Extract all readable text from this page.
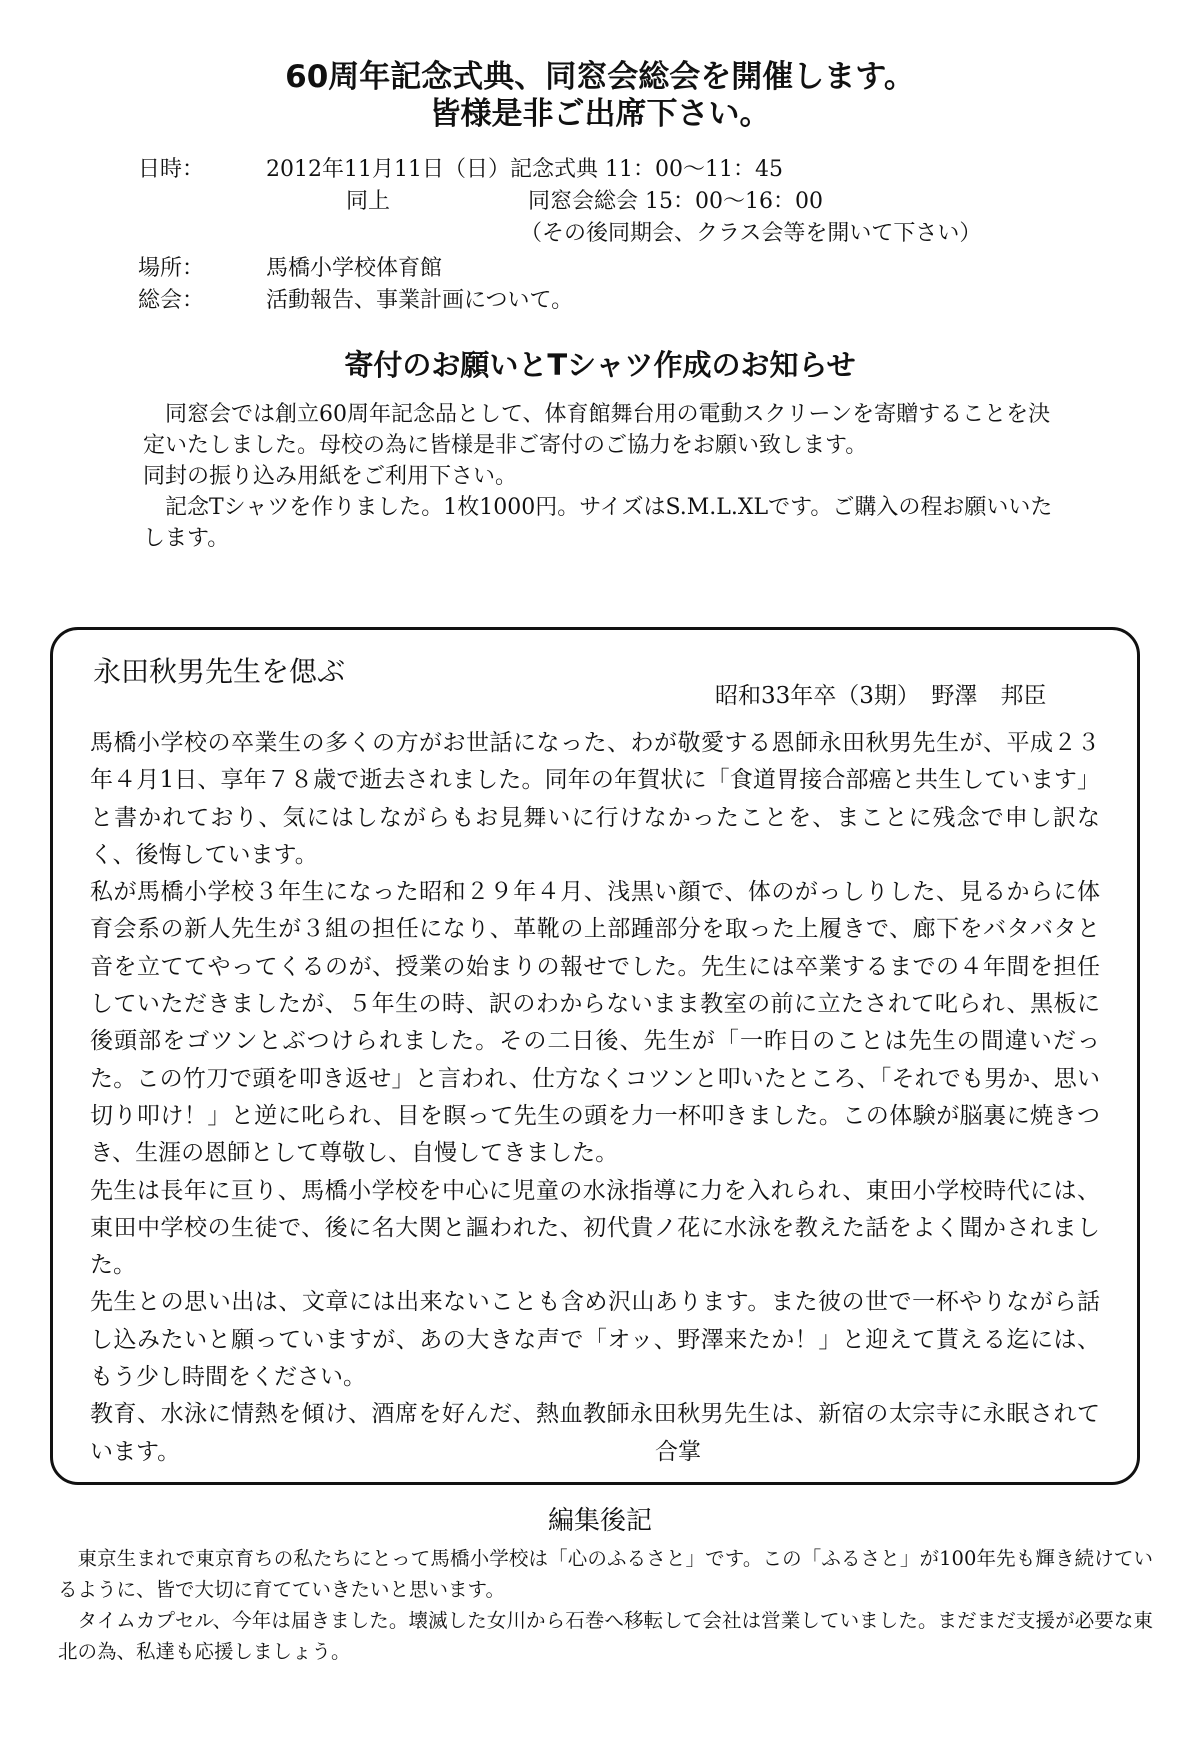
60周年記念式典、同窓会総会を開催します。
皆様是非ご出席下さい。
日時：	2012年11月11日（日）記念式典 11：00～11：45
同上	同窓会総会 15：00～16：00
（その後同期会、クラス会等を開いて下さい）
場所：	馬橋小学校体育館
総会：	活動報告、事業計画について。
寄付のお願いとTシャツ作成のお知らせ

同窓会では創立60周年記念品として、体育館舞台用の電動スクリーンを寄贈することを決定いたしました。母校の為に皆様是非ご寄付のご協力をお願い致します。

同封の振り込み用紙をご利用下さい。

記念Tシャツを作りました。1枚1000円。サイズはS.M.L.XLです。ご購入の程お願いいたします。

永田秋男先生を偲ぶ
昭和33年卒（3期）　野澤　邦臣

馬橋小学校の卒業生の多くの方がお世話になった、わが敬愛する恩師永田秋男先生が、平成２３年４月1日、享年７８歳で逝去されました。同年の年賀状に「食道胃接合部癌と共生しています」と書かれており、気にはしながらもお見舞いに行けなかったことを、まことに残念で申し訳なく、後悔しています。

私が馬橋小学校３年生になった昭和２９年４月、浅黒い顔で、体のがっしりした、見るからに体育会系の新人先生が３組の担任になり、革靴の上部踵部分を取った上履きで、廊下をバタバタと音を立ててやってくるのが、授業の始まりの報せでした。先生には卒業するまでの４年間を担任していただきましたが、５年生の時、訳のわからないまま教室の前に立たされて叱られ、黒板に後頭部をゴツンとぶつけられました。その二日後、先生が「一昨日のことは先生の間違いだった。この竹刀で頭を叩き返せ」と言われ、仕方なくコツンと叩いたところ、「それでも男か、思い切り叩け！」と逆に叱られ、目を瞑って先生の頭を力一杯叩きました。この体験が脳裏に焼きつき、生涯の恩師として尊敬し、自慢してきました。

先生は長年に亘り、馬橋小学校を中心に児童の水泳指導に力を入れられ、東田小学校時代には、東田中学校の生徒で、後に名大関と謳われた、初代貴ノ花に水泳を教えた話をよく聞かされました。

先生との思い出は、文章には出来ないことも含め沢山あります。また彼の世で一杯やりながら話し込みたいと願っていますが、あの大きな声で「オッ、野澤来たか！」と迎えて貰える迄には、もう少し時間をください。

教育、水泳に情熱を傾け、酒席を好んだ、熱血教師永田秋男先生は、新宿の太宗寺に永眠されています。	合掌

編集後記

東京生まれで東京育ちの私たちにとって馬橋小学校は「心のふるさと」です。この「ふるさと」が100年先も輝き続けているように、皆で大切に育てていきたいと思います。

タイムカプセル、今年は届きました。壊滅した女川から石巻へ移転して会社は営業していました。まだまだ支援が必要な東北の為、私達も応援しましょう。
